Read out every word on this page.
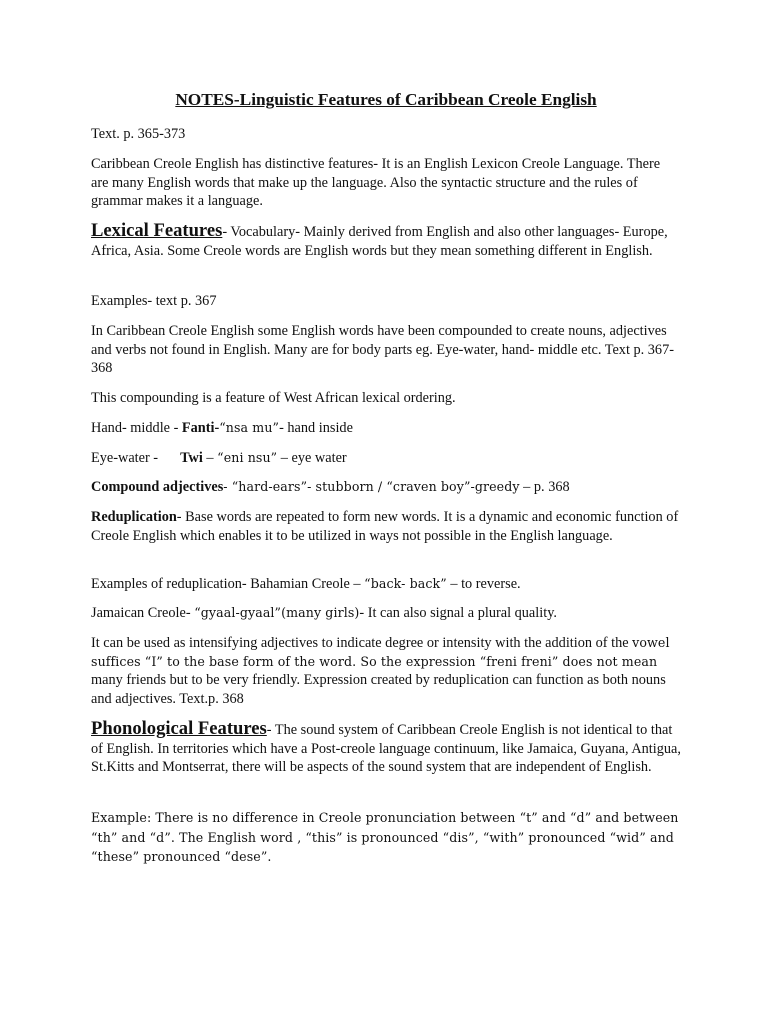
NOTES-Linguistic Features of Caribbean Creole English

Text. p. 365-373

Caribbean Creole English has distinctive features- It is an English Lexicon Creole Language. There are many English words that make up the language. Also the syntactic structure and the rules of grammar makes it a language.

Lexical Features- Vocabulary- Mainly derived from English and also other languages- Europe, Africa, Asia. Some Creole words are English words but they mean something different in English.

Examples- text p. 367

In Caribbean Creole English some English words have been compounded to create nouns, adjectives and verbs not found in English. Many are for body parts eg. Eye-water, hand- middle etc. Text p. 367-368

This compounding is a feature of West African lexical ordering.

Hand- middle - Fanti-“nsa mu”- hand inside

Eye-water - Twi – “eni nsu” – eye water

Compound adjectives- “hard-ears”- stubborn / “craven boy”-greedy – p. 368

Reduplication- Base words are repeated to form new words. It is a dynamic and economic function of Creole English which enables it to be utilized in ways not possible in the English language.

Examples of reduplication- Bahamian Creole – “back- back” – to reverse.

Jamaican Creole- “gyaal-gyaal”(many girls)- It can also signal a plural quality.

It can be used as intensifying adjectives to indicate degree or intensity with the addition of the vowel suffices “I” to the base form of the word. So the expression “freni freni” does not mean many friends but to be very friendly. Expression created by reduplication can function as both nouns and adjectives. Text.p. 368

Phonological Features- The sound system of Caribbean Creole English is not identical to that of English. In territories which have a Post-creole language continuum, like Jamaica, Guyana, Antigua, St.Kitts and Montserrat, there will be aspects of the sound system that are independent of English.

Example: There is no difference in Creole pronunciation between “t” and “d” and between “th” and “d”. The English word , “this” is pronounced “dis”, “with” pronounced “wid” and “these” pronounced “dese”.
